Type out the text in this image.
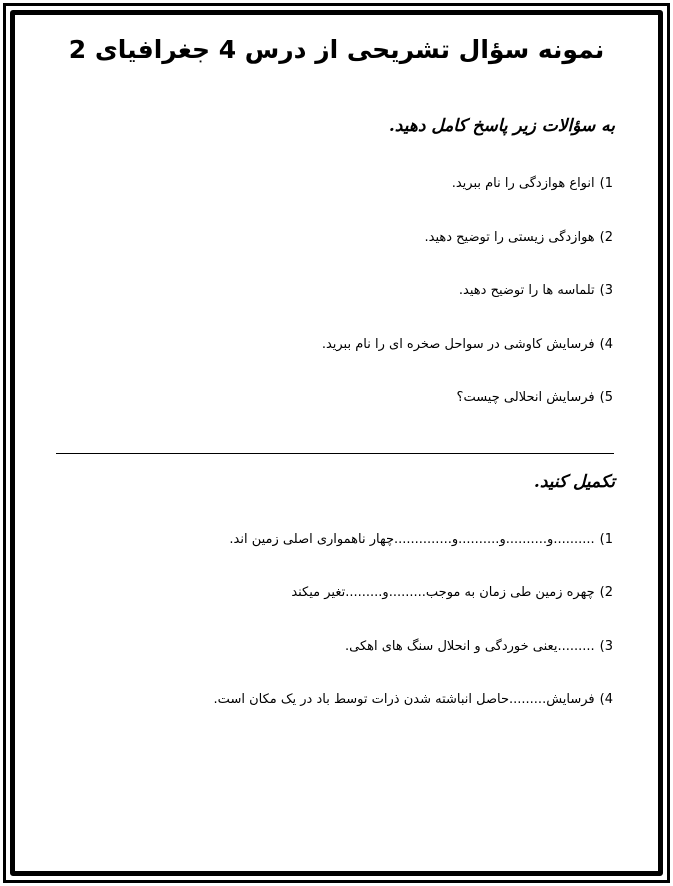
نمونه سؤال تشریحی از درس 4 جغرافیای 2
به سؤالات زیر پاسخ کامل دهید.
1)انواع هوازدگی را نام ببرید.
2)هوازدگی زیستی را توضیح دهید.
3)تلماسه ها را توضیح دهید.
4)فرسایش کاوشی در سواحل صخره ای را نام ببرید.
5)فرسایش انحلالی چیست؟
تکمیل کنید.
1)..........و..........و..........و..............چهار ناهمواری اصلی زمین اند.
2)چهره زمین طی زمان به موجب.........و.........تغیر میکند
3).........یعنی خوردگی و انحلال سنگ های اهکی.
4)فرسایش.........حاصل انباشته شدن ذرات توسط باد در یک مکان است.
